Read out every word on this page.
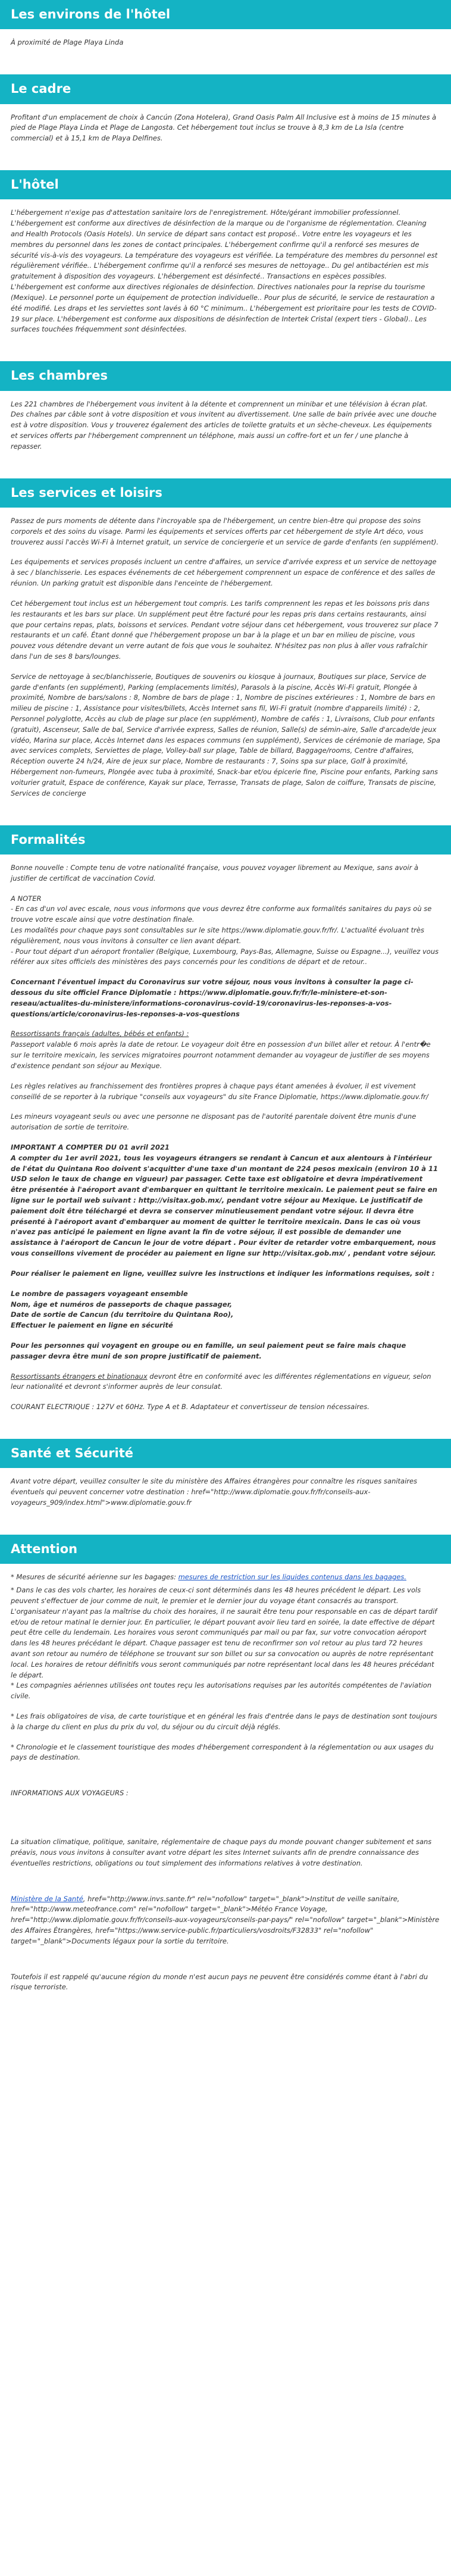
Les environs de l'hôtel

À proximité de Plage Playa Linda

Le cadre

Profitant d'un emplacement de choix à Cancún (Zona Hotelera), Grand Oasis Palm All Inclusive est à moins de 15 minutes à pied de Plage Playa Linda et Plage de Langosta. Cet hébergement tout inclus se trouve à 8,3 km de La Isla (centre commercial) et à 15,1 km de Playa Delfines.

L'hôtel

L'hébergement n'exige pas d'attestation sanitaire lors de l'enregistrement. Hôte/gérant immobilier professionnel. L'hébergement est conforme aux directives de désinfection de la marque ou de l'organisme de réglementation. Cleaning and Health Protocols (Oasis Hotels). Un service de départ sans contact est proposé.. Votre entre les voyageurs et les membres du personnel dans les zones de contact principales. L'hébergement confirme qu'il a renforcé ses mesures de sécurité vis-à-vis des voyageurs. La température des voyageurs est vérifiée. La température des membres du personnel est régulièrement vérifiée.. L'hébergement confirme qu'il a renforcé ses mesures de nettoyage.. Du gel antibactérien est mis gratuitement à disposition des voyageurs. L'hébergement est désinfecté.. Transactions en espèces possibles. L'hébergement est conforme aux directives régionales de désinfection. Directives nationales pour la reprise du tourisme (Mexique). Le personnel porte un équipement de protection individuelle.. Pour plus de sécurité, le service de restauration a été modifié. Les draps et les serviettes sont lavés à 60 °C minimum.. L'hébergement est prioritaire pour les tests de COVID-19 sur place. L'hébergement est conforme aux dispositions de désinfection de Intertek Cristal (expert tiers - Global).. Les surfaces touchées fréquemment sont désinfectées.

Les chambres

Les 221 chambres de l'hébergement vous invitent à la détente et comprennent un minibar et une télévision à écran plat. Des chaînes par câble sont à votre disposition et vous invitent au divertissement. Une salle de bain privée avec une douche est à votre disposition. Vous y trouverez également des articles de toilette gratuits et un sèche-cheveux. Les équipements et services offerts par l'hébergement comprennent un téléphone, mais aussi un coffre-fort et un fer / une planche à repasser.

Les services et loisirs

Passez de purs moments de détente dans l'incroyable spa de l'hébergement, un centre bien-être qui propose des soins corporels et des soins du visage. Parmi les équipements et services offerts par cet hébergement de style Art déco, vous trouverez aussi l'accès Wi-Fi à Internet gratuit, un service de conciergerie et un service de garde d'enfants (en supplément).

Les équipements et services proposés incluent un centre d'affaires, un service d'arrivée express et un service de nettoyage à sec / blanchisserie. Les espaces événements de cet hébergement comprennent un espace de conférence et des salles de réunion. Un parking gratuit est disponible dans l'enceinte de l'hébergement.

Cet hébergement tout inclus est un hébergement tout compris. Les tarifs comprennent les repas et les boissons pris dans les restaurants et les bars sur place. Un supplément peut être facturé pour les repas pris dans certains restaurants, ainsi que pour certains repas, plats, boissons et services. Pendant votre séjour dans cet hébergement, vous trouverez sur place 7 restaurants et un café. Étant donné que l'hébergement propose un bar à la plage et un bar en milieu de piscine, vous pouvez vous détendre devant un verre autant de fois que vous le souhaitez. N'hésitez pas non plus à aller vous rafraîchir dans l'un de ses 8 bars/lounges.

Service de nettoyage à sec/blanchisserie, Boutiques de souvenirs ou kiosque à journaux, Boutiques sur place, Service de garde d'enfants (en supplément), Parking (emplacements limités), Parasols à la piscine, Accès Wi-Fi gratuit, Plongée à proximité, Nombre de bars/salons : 8, Nombre de bars de plage : 1, Nombre de piscines extérieures : 1, Nombre de bars en milieu de piscine : 1, Assistance pour visites/billets, Accès Internet sans fil, Wi-Fi gratuit (nombre d'appareils limité) : 2, Personnel polyglotte, Accès au club de plage sur place (en supplément), Nombre de cafés : 1, Livraisons, Club pour enfants (gratuit), Ascenseur, Salle de bal, Service d'arrivée express, Salles de réunion, Salle(s) de sémin-aire, Salle d'arcade/de jeux vidéo, Marina sur place, Accès Internet dans les espaces communs (en supplément), Services de cérémonie de mariage, Spa avec services complets, Serviettes de plage, Volley-ball sur plage, Table de billard, Baggage/rooms, Centre d'affaires, Réception ouverte 24 h/24, Aire de jeux sur place, Nombre de restaurants : 7, Soins spa sur place, Golf à proximité, Hébergement non-fumeurs, Plongée avec tuba à proximité, Snack-bar et/ou épicerie fine, Piscine pour enfants, Parking sans voiturier gratuit, Espace de conférence, Kayak sur place, Terrasse, Transats de plage, Salon de coiffure, Transats de piscine, Services de concierge

Formalités

Bonne nouvelle : Compte tenu de votre nationalité française, vous pouvez voyager librement au Mexique, sans avoir à justifier de certificat de vaccination Covid.

A NOTER
- En cas d'un vol avec escale, nous vous informons que vous devrez être conforme aux formalités sanitaires du pays où se trouve votre escale ainsi que votre destination finale.
Les modalités pour chaque pays sont consultables sur le site https://www.diplomatie.gouv.fr/fr/. L'actualité évoluant très régulièrement, nous vous invitons à consulter ce lien avant départ.
- Pour tout départ d'un aéroport frontalier (Belgique, Luxembourg, Pays-Bas, Allemagne, Suisse ou Espagne...), veuillez vous référer aux sites officiels des ministères des pays concernés pour les conditions de départ et de retour..

Concernant l'éventuel impact du Coronavirus sur votre séjour, nous vous invitons à consulter la page ci-dessous du site officiel France Diplomatie : https://www.diplomatie.gouv.fr/fr/le-ministere-et-son-reseau/actualites-du-ministere/informations-coronavirus-covid-19/coronavirus-les-reponses-a-vos-questions/article/coronavirus-les-reponses-a-vos-questions

Ressortissants français (adultes, bébés et enfants) :
Passeport valable 6 mois après la date de retour. Le voyageur doit être en possession d'un billet aller et retour. À l'entr�e sur le territoire mexicain, les services migratoires pourront notamment demander au voyageur de justifier de ses moyens d'existence pendant son séjour au Mexique.

Les règles relatives au franchissement des frontières propres à chaque pays étant amenées à évoluer, il est vivement conseillé de se reporter à la rubrique "conseils aux voyageurs" du site France Diplomatie, https://www.diplomatie.gouv.fr/

Les mineurs voyageant seuls ou avec une personne ne disposant pas de l'autorité parentale doivent être munis d'une autorisation de sortie de territoire.

IMPORTANT A COMPTER DU 01 avril 2021
A compter du 1er avril 2021, tous les voyageurs étrangers se rendant à Cancun et aux alentours à l'intérieur de l'état du Quintana Roo doivent s'acquitter d'une taxe d'un montant de 224 pesos mexicain (environ 10 à 11 USD selon le taux de change en vigueur) par passager. Cette taxe est obligatoire et devra impérativement être présentée à l'aéroport avant d'embarquer en quittant le territoire mexicain. Le paiement peut se faire en ligne sur le portail web suivant : http://visitax.gob.mx/, pendant votre séjour au Mexique. Le justificatif de paiement doit être téléchargé et devra se conserver minutieusement pendant votre séjour. Il devra être présenté à l'aéroport avant d'embarquer au moment de quitter le territoire mexicain. Dans le cas où vous n'avez pas anticipé le paiement en ligne avant la fin de votre séjour, il est possible de demander une assistance à l'aéroport de Cancun le jour de votre départ . Pour éviter de retarder votre embarquement, nous vous conseillons vivement de procéder au paiement en ligne sur http://visitax.gob.mx/ , pendant votre séjour.

Pour réaliser le paiement en ligne, veuillez suivre les instructions et indiquer les informations requises, soit :

Le nombre de passagers voyageant ensemble
Nom, âge et numéros de passeports de chaque passager,
Date de sortie de Cancun (du territoire du Quintana Roo),
Effectuer le paiement en ligne en sécurité

Pour les personnes qui voyagent en groupe ou en famille, un seul paiement peut se faire mais chaque passager devra être muni de son propre justificatif de paiement.

Ressortissants étrangers et binationaux devront être en conformité avec les différentes réglementations en vigueur, selon leur nationalité et devront s'informer auprès de leur consulat.

COURANT ELECTRIQUE : 127V et 60Hz. Type A et B. Adaptateur et convertisseur de tension nécessaires.

Santé et Sécurité

Avant votre départ, veuillez consulter le site du ministère des Affaires étrangères pour connaître les risques sanitaires éventuels qui peuvent concerner votre destination : href="http://www.diplomatie.gouv.fr/fr/conseils-aux-voyageurs_909/index.html">www.diplomatie.gouv.fr

Attention

* Mesures de sécurité aérienne sur les bagages: mesures de restriction sur les liquides contenus dans les bagages.

* Dans le cas des vols charter, les horaires de ceux-ci sont déterminés dans les 48 heures précédent le départ. Les vols peuvent s'effectuer de jour comme de nuit, le premier et le dernier jour du voyage étant consacrés au transport. L'organisateur n'ayant pas la maîtrise du choix des horaires, il ne saurait être tenu pour responsable en cas de départ tardif et/ou de retour matinal le dernier jour. En particulier, le départ pouvant avoir lieu tard en soirée, la date effective de départ peut être celle du lendemain. Les horaires vous seront communiqués par mail ou par fax, sur votre convocation aéroport dans les 48 heures précédant le départ. Chaque passager est tenu de reconfirmer son vol retour au plus tard 72 heures avant son retour au numéro de téléphone se trouvant sur son billet ou sur sa convocation ou auprès de notre représentant local. Les horaires de retour définitifs vous seront communiqués par notre représentant local dans les 48 heures précédant le départ.
* Les compagnies aériennes utilisées ont toutes reçu les autorisations requises par les autorités compétentes de l'aviation civile.

* Les frais obligatoires de visa, de carte touristique et en général les frais d'entrée dans le pays de destination sont toujours à la charge du client en plus du prix du vol, du séjour ou du circuit déjà réglés.

* Chronologie et le classement touristique des modes d'hébergement correspondent à la réglementation ou aux usages du pays de destination.

INFORMATIONS AUX VOYAGEURS :

La situation climatique, politique, sanitaire, réglementaire de chaque pays du monde pouvant changer subitement et sans préavis, nous vous invitons à consulter avant votre départ les sites Internet suivants afin de prendre connaissance des éventuelles restrictions, obligations ou tout simplement des informations relatives à votre destination.

Ministère de la Santé, href="http://www.invs.sante.fr" rel="nofollow" target="_blank">Institut de veille sanitaire, href="http://www.meteofrance.com" rel="nofollow" target="_blank">Météo France Voyage, href="http://www.diplomatie.gouv.fr/fr/conseils-aux-voyageurs/conseils-par-pays/" rel="nofollow" target="_blank">Ministère des Affaires Étrangères, href="https://www.service-public.fr/particuliers/vosdroits/F32833" rel="nofollow" target="_blank">Documents légaux pour la sortie du territoire.

Toutefois il est rappelé qu'aucune région du monde n'est aucun pays ne peuvent être considérés comme étant à l'abri du risque terroriste.
